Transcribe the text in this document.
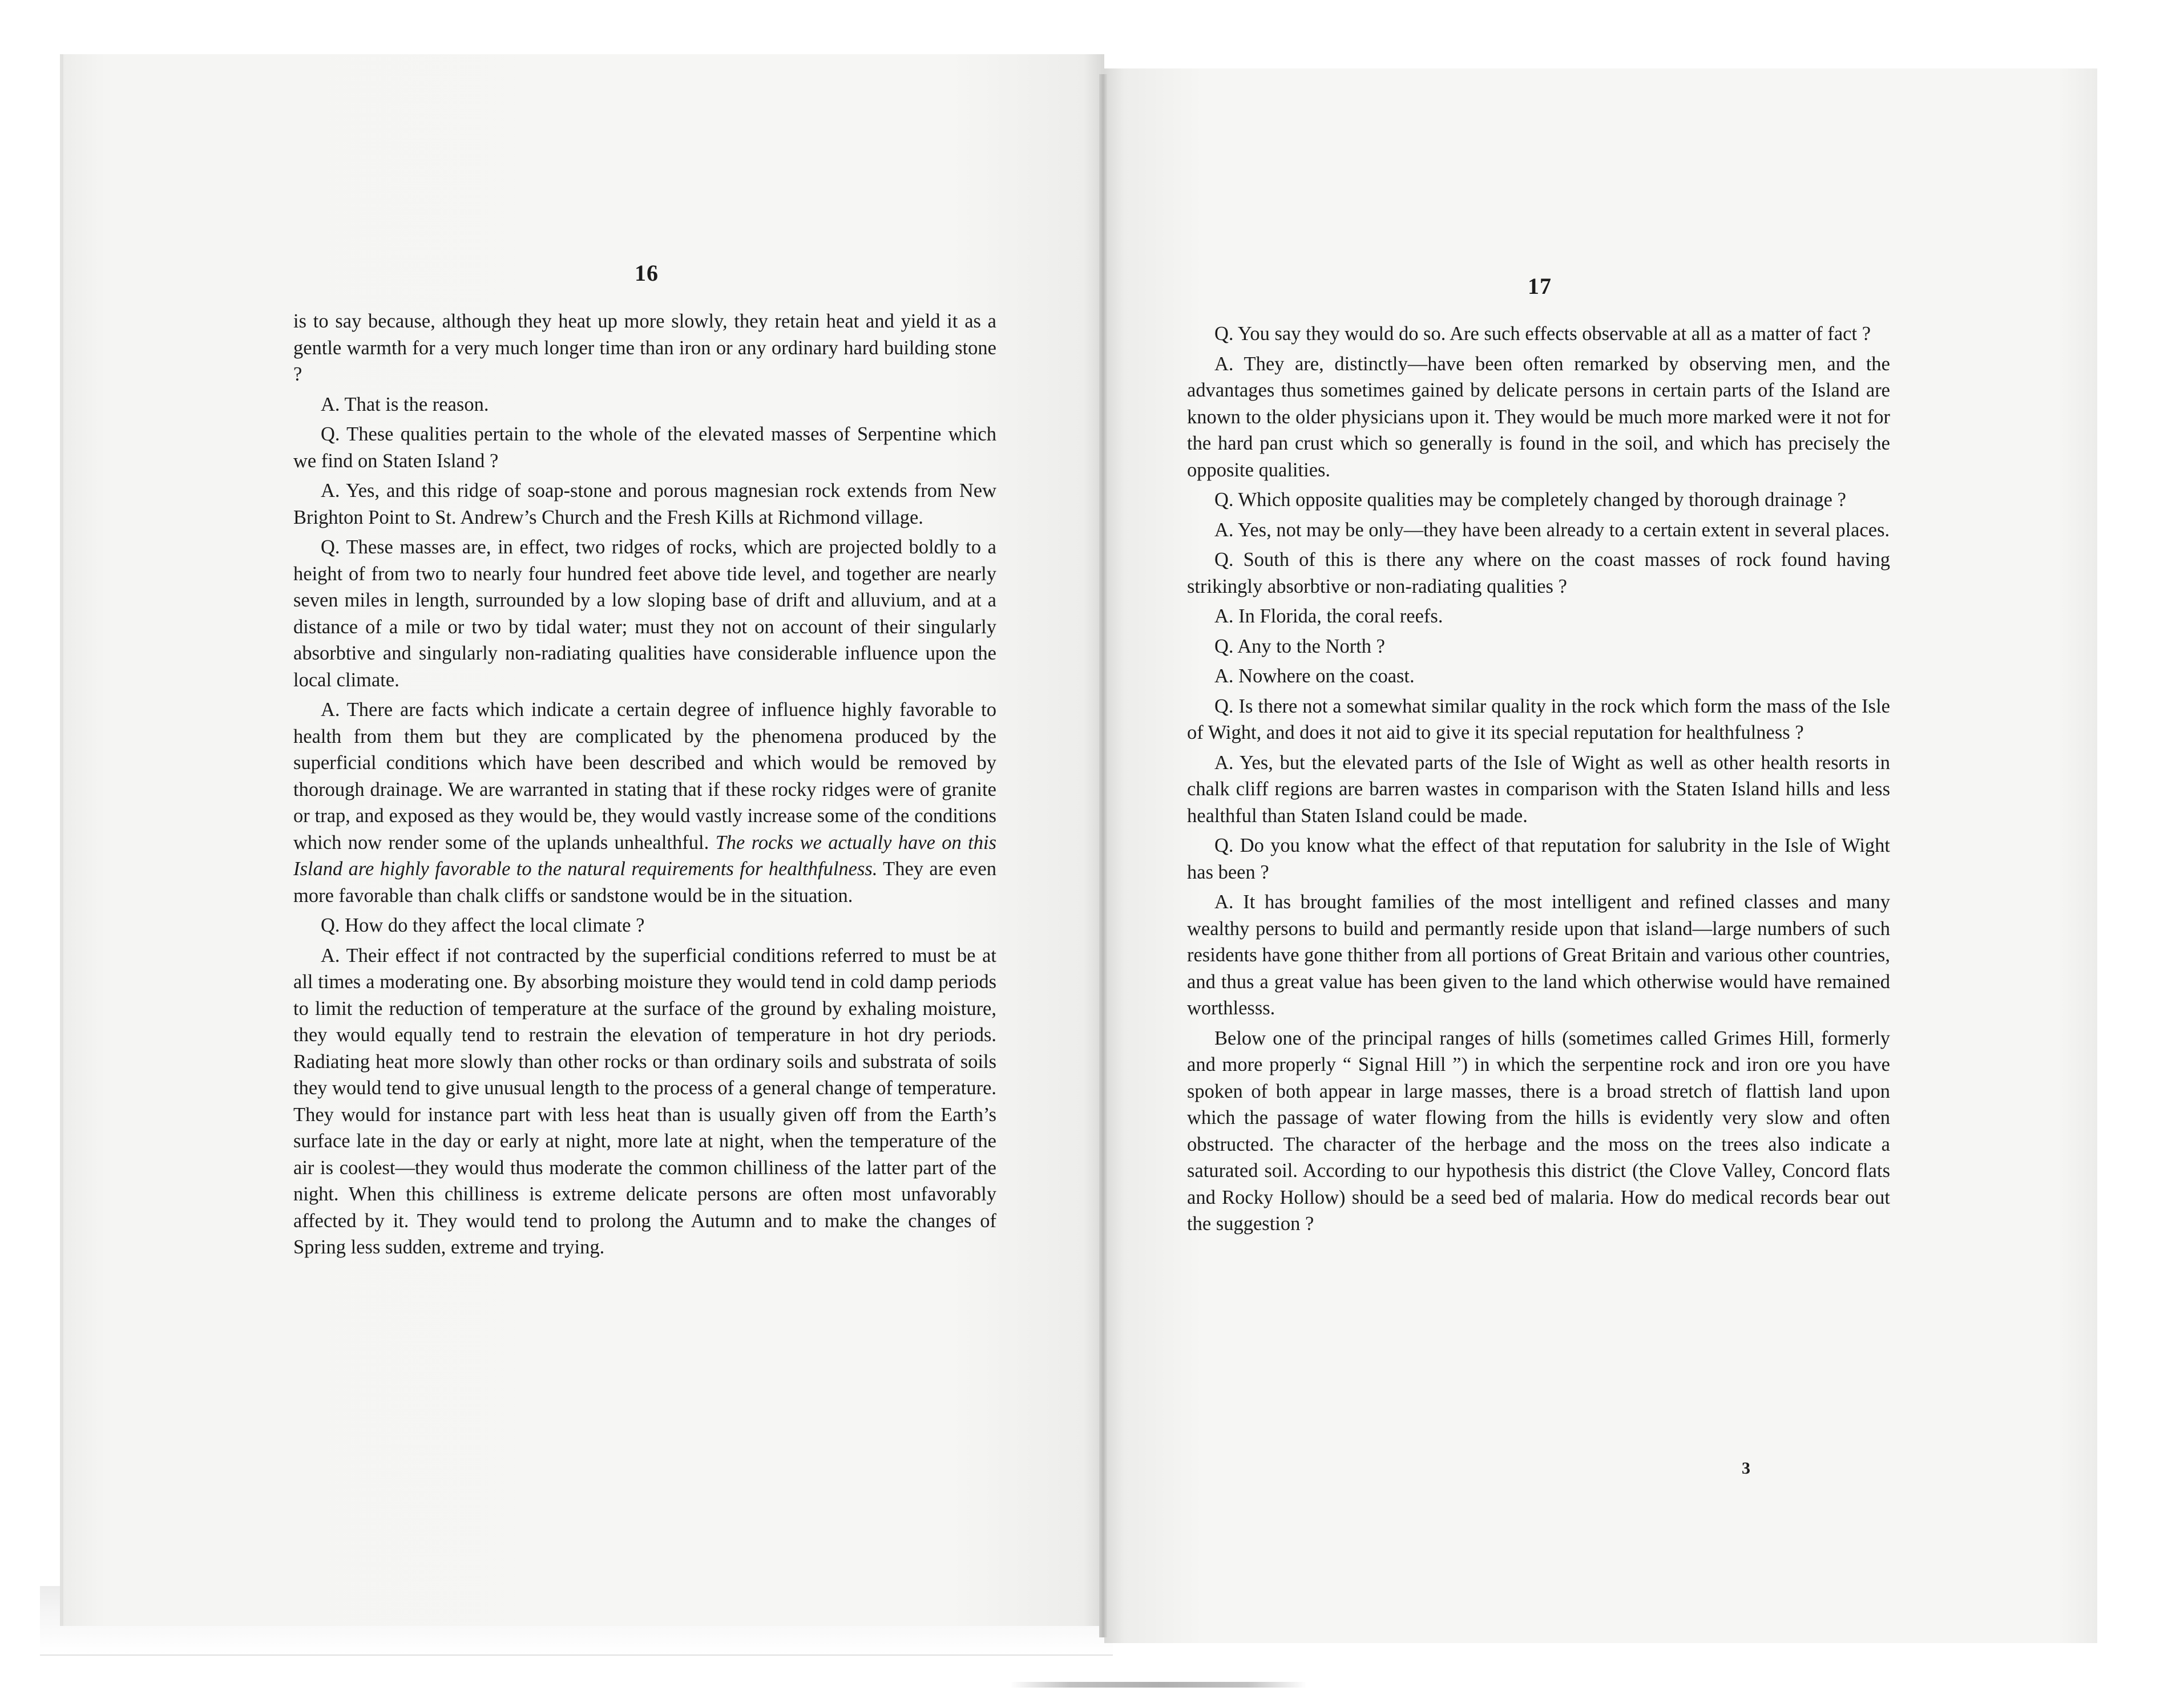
16

is to say because, although they heat up more slowly, they retain heat and yield it as a gentle warmth for a very much longer time than iron or any ordinary hard building stone ?

A. That is the reason.

Q. These qualities pertain to the whole of the elevated masses of Serpentine which we find on Staten Island ?

A. Yes, and this ridge of soap-stone and porous magnesian rock extends from New Brighton Point to St. Andrew’s Church and the Fresh Kills at Richmond village.

Q. These masses are, in effect, two ridges of rocks, which are projected boldly to a height of from two to nearly four hundred feet above tide level, and together are nearly seven miles in length, surrounded by a low sloping base of drift and alluvium, and at a distance of a mile or two by tidal water; must they not on account of their singularly absorbtive and singularly non-radiating qualities have considerable influence upon the local climate.

A. There are facts which indicate a certain degree of influence highly favorable to health from them but they are complicated by the phenomena produced by the superficial conditions which have been described and which would be removed by thorough drainage. We are warranted in stating that if these rocky ridges were of granite or trap, and exposed as they would be, they would vastly increase some of the conditions which now render some of the uplands unhealthful. The rocks we actually have on this Island are highly favorable to the natural requirements for healthfulness. They are even more favorable than chalk cliffs or sandstone would be in the situation.

Q. How do they affect the local climate ?

A. Their effect if not contracted by the superficial conditions referred to must be at all times a moderating one. By absorbing moisture they would tend in cold damp periods to limit the reduction of temperature at the surface of the ground by exhaling moisture, they would equally tend to restrain the elevation of temperature in hot dry periods. Radiating heat more slowly than other rocks or than ordinary soils and substrata of soils they would tend to give unusual length to the process of a general change of temperature. They would for instance part with less heat than is usually given off from the Earth’s surface late in the day or early at night, more late at night, when the temperature of the air is coolest—they would thus moderate the common chilliness of the latter part of the night. When this chilliness is extreme delicate persons are often most unfavorably affected by it. They would tend to prolong the Autumn and to make the changes of Spring less sudden, extreme and trying.

17

Q. You say they would do so. Are such effects observable at all as a matter of fact ?

A. They are, distinctly—have been often remarked by observing men, and the advantages thus sometimes gained by delicate persons in certain parts of the Island are known to the older physicians upon it. They would be much more marked were it not for the hard pan crust which so generally is found in the soil, and which has precisely the opposite qualities.

Q. Which opposite qualities may be completely changed by thorough drainage ?

A. Yes, not may be only—they have been already to a certain extent in several places.

Q. South of this is there any where on the coast masses of rock found having strikingly absorbtive or non-radiating qualities ?

A. In Florida, the coral reefs.

Q. Any to the North ?

A. Nowhere on the coast.

Q. Is there not a somewhat similar quality in the rock which form the mass of the Isle of Wight, and does it not aid to give it its special reputation for healthfulness ?

A. Yes, but the elevated parts of the Isle of Wight as well as other health resorts in chalk cliff regions are barren wastes in comparison with the Staten Island hills and less healthful than Staten Island could be made.

Q. Do you know what the effect of that reputation for salubrity in the Isle of Wight has been ?

A. It has brought families of the most intelligent and refined classes and many wealthy persons to build and permantly reside upon that island—large numbers of such residents have gone thither from all portions of Great Britain and various other countries, and thus a great value has been given to the land which otherwise would have remained worthlesss.

Below one of the principal ranges of hills (sometimes called Grimes Hill, formerly and more properly “ Signal Hill ”) in which the serpentine rock and iron ore you have spoken of both appear in large masses, there is a broad stretch of flattish land upon which the passage of water flowing from the hills is evidently very slow and often obstructed. The character of the herbage and the moss on the trees also indicate a saturated soil. According to our hypothesis this district (the Clove Valley, Concord flats and Rocky Hollow) should be a seed bed of malaria. How do medical records bear out the suggestion ?

3
